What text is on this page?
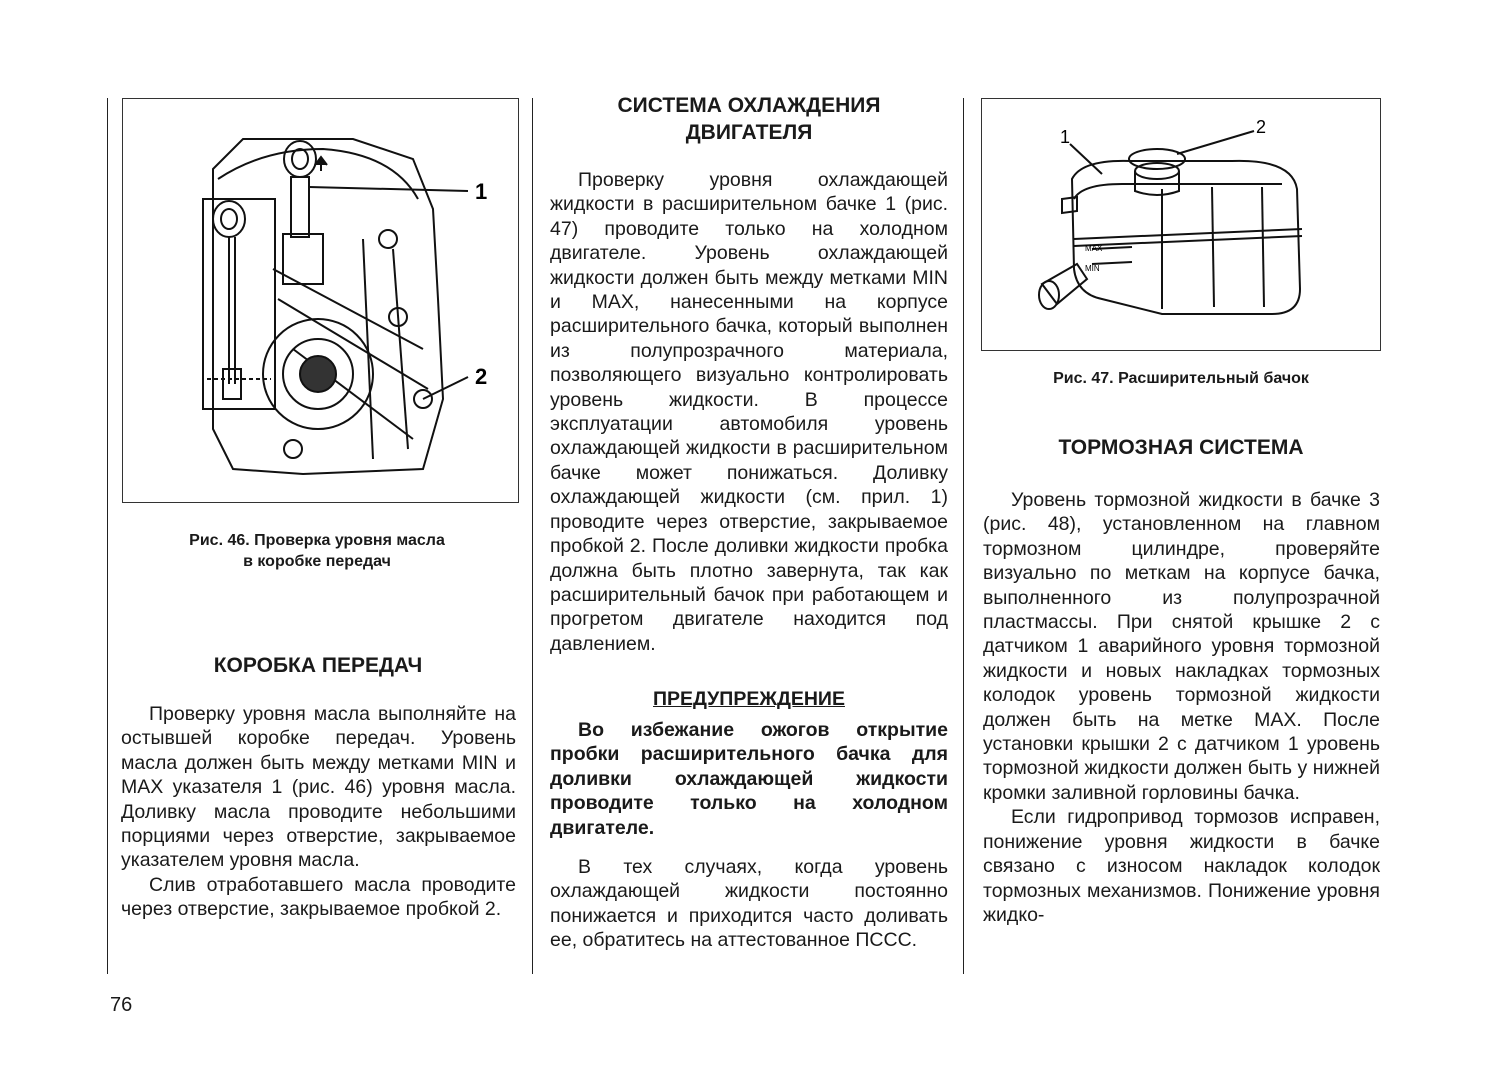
1
2
Рис. 46. Проверка уровня масла
в коробке передач
КОРОБКА ПЕРЕДАЧ

Проверку уровня масла выполняйте на остывшей коробке передач. Уровень масла должен быть между метками MIN и MAX указателя 1 (рис. 46) уровня масла. Доливку масла проводите небольшими порциями через отверстие, закрываемое указателем уровня масла.

Слив отработавшего масла проводите через отверстие, закрываемое пробкой 2.

76
СИСТЕМА ОХЛАЖДЕНИЯ
ДВИГАТЕЛЯ

Проверку уровня охлаждающей жидкости в расширительном бачке 1 (рис. 47) проводите только на холодном двигателе. Уровень охлаждающей жидкости должен быть между метками MIN и MAX, нанесенными на корпусе расширительного бачка, который выполнен из полупрозрачного материала, позволяющего визуально контролировать уровень жидкости. В процессе эксплуатации автомобиля уровень охлаждающей жидкости в расширительном бачке может понижаться. Доливку охлаждающей жидкости (см. прил. 1) проводите через отверстие, закрываемое пробкой 2. После доливки жидкости пробка должна быть плотно завернута, так как расширительный бачок при работающем и прогретом двигателе находится под давлением.

ПРЕДУПРЕЖДЕНИЕ

Во избежание ожогов открытие пробки расширительного бачка для доливки охлаждающей жидкости проводите только на холодном двигателе.

В тех случаях, когда уровень охлаждающей жидкости постоянно понижается и приходится часто доливать ее, обратитесь на аттестованное ПССС.

1	2
MAX
MIN
Рис. 47. Расширительный бачок
ТОРМОЗНАЯ СИСТЕМА

Уровень тормозной жидкости в бачке 3 (рис. 48), установленном на главном тормозном цилиндре, проверяйте визуально по меткам на корпусе бачка, выполненного из полупрозрачной пластмассы. При снятой крышке 2 с датчиком 1 аварийного уровня тормозной жидкости и новых накладках тормозных колодок уровень тормозной жидкости должен быть на метке MAX. После установки крышки 2 с датчиком 1 уровень тормозной жидкости должен быть у нижней кромки заливной горловины бачка.

Если гидропривод тормозов исправен, понижение уровня жидкости в бачке связано с износом накладок колодок тормозных механизмов. Понижение уровня жидко-
